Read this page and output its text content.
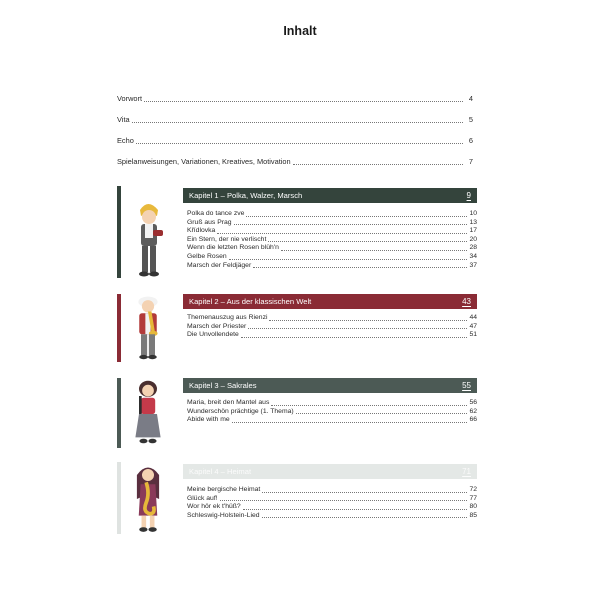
Inhalt
Vorwort	4
Vita	5
Echo	6
Spielanweisungen, Variationen, Kreatives, Motivation	7
Kapitel 1 – Polka, Walzer, Marsch	9
Polka do tance zve	10
Gruß aus Prag	13
Křídlovka	17
Ein Stern, der nie verlischt	20
Wenn die letzten Rosen blüh'n	28
Gelbe Rosen	34
Marsch der Feldjäger	37
Kapitel 2 – Aus der klassischen Welt	43
Themenauszug aus Rienzi	44
Marsch der Priester	47
Die Unvollendete	51
Kapitel 3 – Sakrales	55
Maria, breit den Mantel aus	56
Wunderschön prächtige (1. Thema)	62
Abide with me	66
Kapitel 4 – Heimat	71
Meine bergische Heimat	72
Glück auf!	77
Wor hör ek t'hüß?	80
Schleswig-Holstein-Lied	85
